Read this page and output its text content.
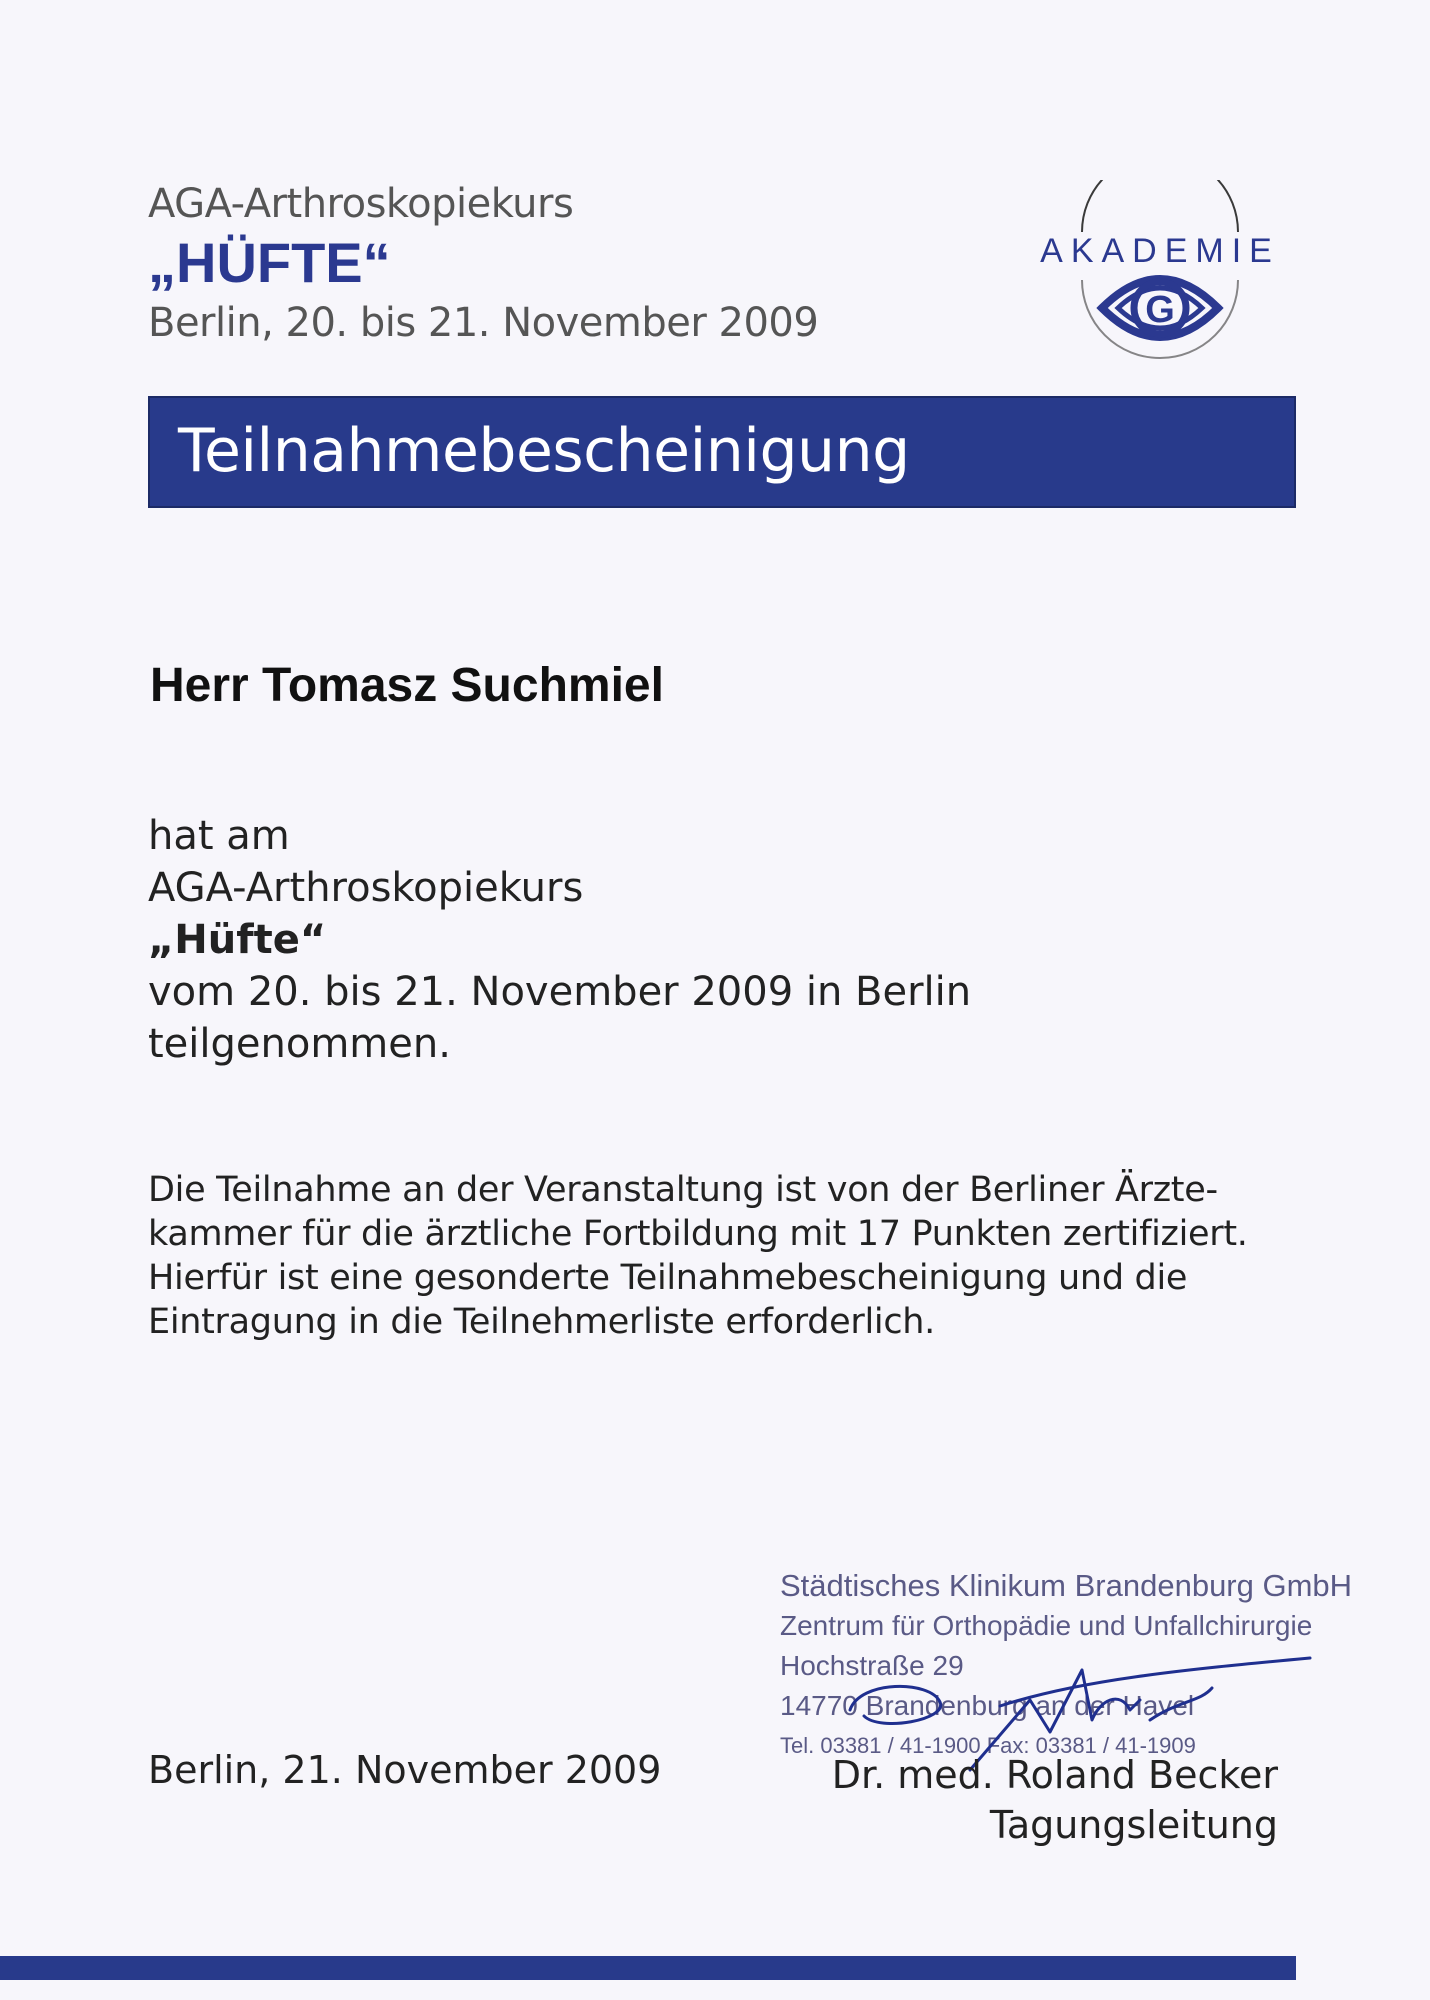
AGA-Arthroskopiekurs
„HÜFTE“
Berlin, 20. bis 21. November 2009	G
AKADEMIE
Teilnahmebescheinigung
Herr Tomasz Suchmiel
hat am
AGA-Arthroskopiekurs
„Hüfte“
vom 20. bis 21. November 2009 in Berlin
teilgenommen.
Die Teilnahme an der Veranstaltung ist von der Berliner Ärzte-
kammer für die ärztliche Fortbildung mit 17 Punkten zertifiziert.
Hierfür ist eine gesonderte Teilnahmebescheinigung und die
Eintragung in die Teilnehmerliste erforderlich.
Städtisches Klinikum Brandenburg GmbH
Zentrum für Orthopädie und Unfallchirurgie
Hochstraße 29
14770 Brandenburg an der Havel
Tel. 03381 / 41-1900 Fax: 03381 / 41-1909
Berlin, 21. November 2009	Dr. med. Roland Becker
Tagungsleitung
